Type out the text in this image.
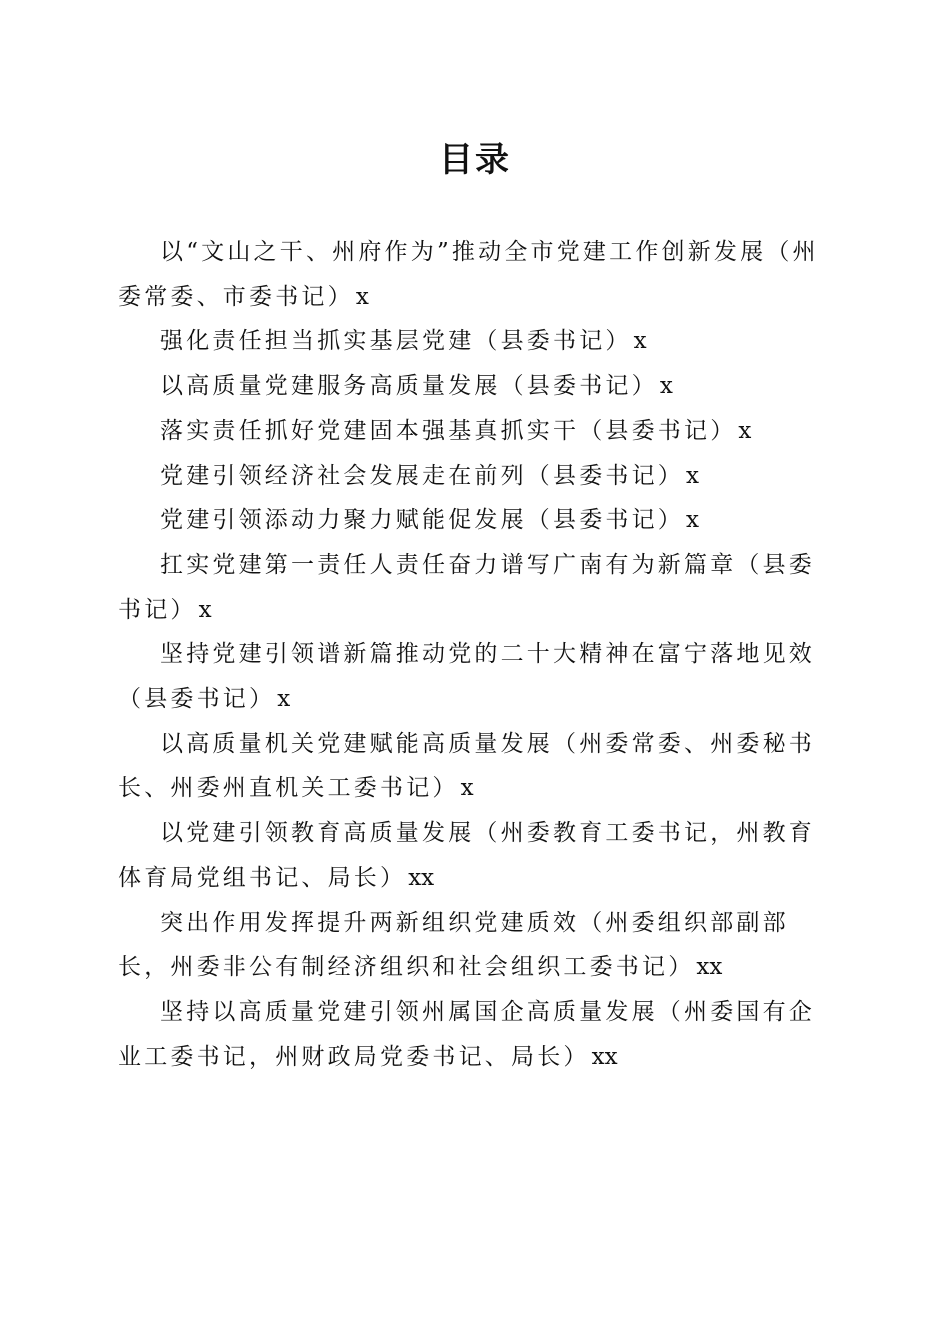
目录
以“文山之干、州府作为”推动全市党建工作创新发展（州委常委、市委书记）x
强化责任担当抓实基层党建（县委书记）x
以高质量党建服务高质量发展（县委书记）x
落实责任抓好党建固本强基真抓实干（县委书记）x
党建引领经济社会发展走在前列（县委书记）x
党建引领添动力聚力赋能促发展（县委书记）x
扛实党建第一责任人责任奋力谱写广南有为新篇章（县委书记）x
坚持党建引领谱新篇推动党的二十大精神在富宁落地见效（县委书记）x
以高质量机关党建赋能高质量发展（州委常委、州委秘书长、州委州直机关工委书记）x
以党建引领教育高质量发展（州委教育工委书记，州教育体育局党组书记、局长）xx
突出作用发挥提升两新组织党建质效（州委组织部副部长，州委非公有制经济组织和社会组织工委书记）xx
坚持以高质量党建引领州属国企高质量发展（州委国有企业工委书记，州财政局党委书记、局长）xx
